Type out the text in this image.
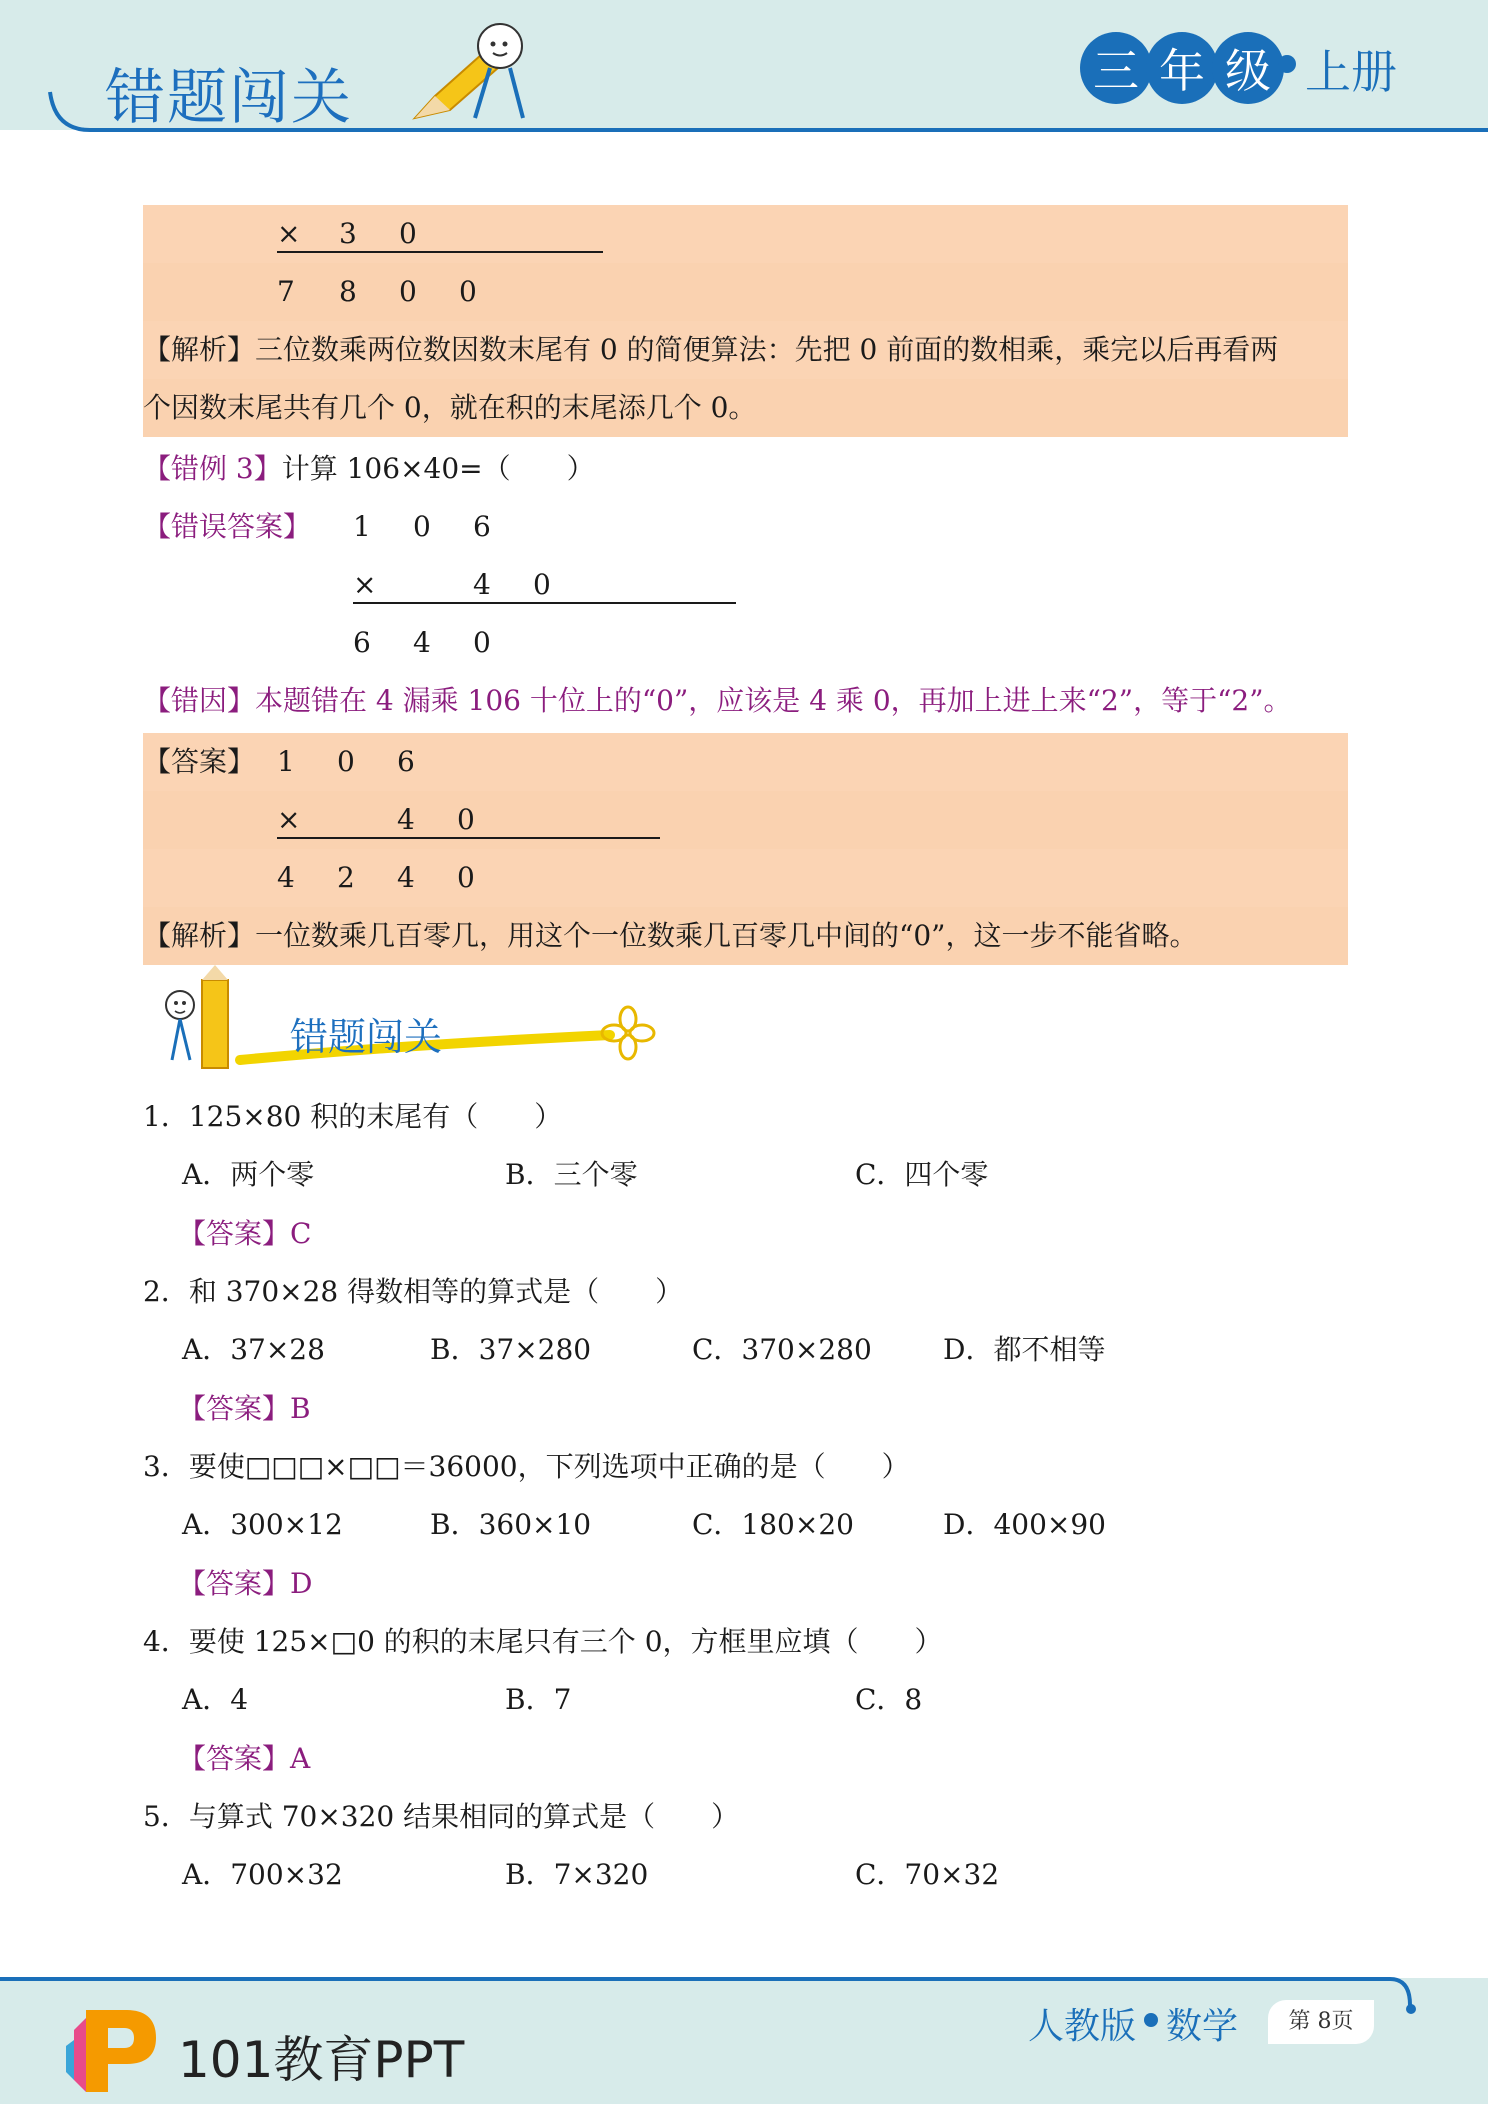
错题闯关	三 年 级 上册
× 3 0
7 8 0 0
【解析】三位数乘两位数因数末尾有 0 的简便算法：先把 0 前面的数相乘，乘完以后再看两
个因数末尾共有几个 0，就在积的末尾添几个 0。
【错例 3】计算 106×40=（　　）
【错误答案】 1 0 6
×	4 0
6 4 0
【错因】本题错在 4 漏乘 106 十位上的“0”，应该是 4 乘 0，再加上进上来“2”，等于“2”。
【答案】 1 0 6
×	4 0
4 2 4 0
【解析】一位数乘几百零几，用这个一位数乘几百零几中间的“0”，这一步不能省略。
错题闯关
1．125×80 积的末尾有（　　）
A．两个零	B．三个零	C．四个零
【答案】C
2．和 370×28 得数相等的算式是（　　）
A．37×28	B．37×280	C．370×280	D．都不相等
【答案】B
3．要使□□□×□□＝36000，下列选项中正确的是（　　）
A．300×12	B．360×10	C．180×20	D．400×90
【答案】D
4．要使 125×□0 的积的末尾只有三个 0，方框里应填（　　）
A．4	B．7	C．8
【答案】A
5．与算式 70×320 结果相同的算式是（　　）
A．700×32	B．7×320	C．70×32
101教育PPT
人教版 数学	第 8页
